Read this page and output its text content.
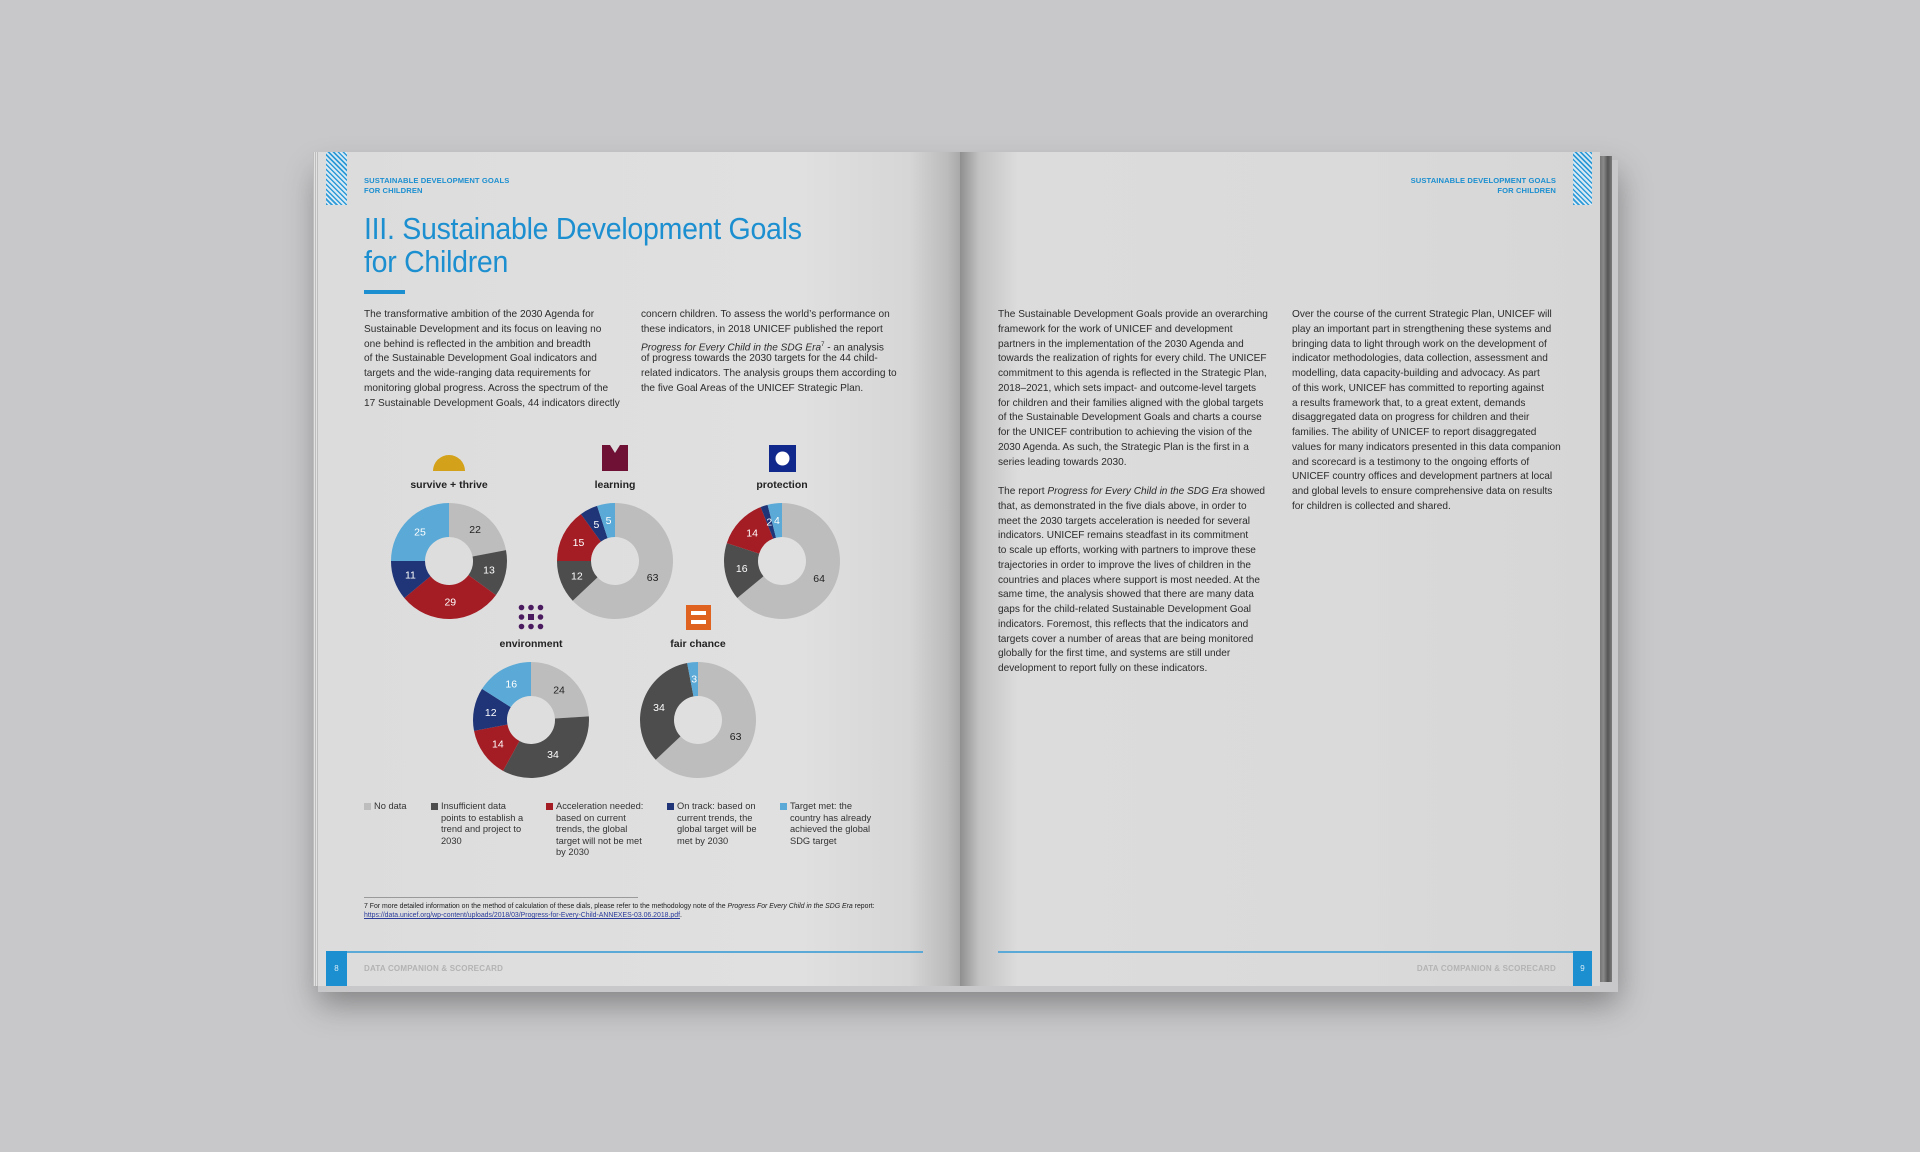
SUSTAINABLE DEVELOPMENT GOALS
FOR CHILDREN
III. Sustainable Development Goals
for Children
The transformative ambition of the 2030 Agenda for
Sustainable Development and its focus on leaving no
one behind is reflected in the ambition and breadth
of the Sustainable Development Goal indicators and
targets and the wide-ranging data requirements for
monitoring global progress. Across the spectrum of the
17 Sustainable Development Goals, 44 indicators directly
concern children. To assess the world’s performance on
these indicators, in 2018 UNICEF published the report
Progress for Every Child in the SDG Era$^7$ - an analysis
of progress towards the 2030 targets for the 44 child-
related indicators. The analysis groups them according to
the five Goal Areas of the UNICEF Strategic Plan.
22
13
29
11
25
survive + thrive
63
12
15
5 5
learning
64
16
14
2 4
protection
24
34
14
12
16
environment
63
34
3
fair chance
No data	Insufficient data
points to establish a
trend and project to
2030
Acceleration needed:
based on current
trends, the global
target will not be met
by 2030
On track: based on
current trends, the
global target will be
met by 2030
Target met: the
country has already
achieved the global
SDG target
7 For more detailed information on the method of calculation of these dials, please refer to the methodology note of the Progress For Every Child in the SDG Era report:
https://data.unicef.org/wp-content/uploads/2018/03/Progress-for-Every-Child-ANNEXES-03.06.2018.pdf.
8	DATA COMPANION & SCORECARD
SUSTAINABLE DEVELOPMENT GOALS
FOR CHILDREN
The Sustainable Development Goals provide an overarching
framework for the work of UNICEF and development
partners in the implementation of the 2030 Agenda and
towards the realization of rights for every child. The UNICEF
commitment to this agenda is reflected in the Strategic Plan,
2018–2021, which sets impact- and outcome-level targets
for children and their families aligned with the global targets
of the Sustainable Development Goals and charts a course
for the UNICEF contribution to achieving the vision of the
2030 Agenda. As such, the Strategic Plan is the first in a
series leading towards 2030.
The report Progress for Every Child in the SDG Era showed
that, as demonstrated in the five dials above, in order to
meet the 2030 targets acceleration is needed for several
indicators. UNICEF remains steadfast in its commitment
to scale up efforts, working with partners to improve these
trajectories in order to improve the lives of children in the
countries and places where support is most needed. At the
same time, the analysis showed that there are many data
gaps for the child-related Sustainable Development Goal
indicators. Foremost, this reflects that the indicators and
targets cover a number of areas that are being monitored
globally for the first time, and systems are still under
development to report fully on these indicators.
Over the course of the current Strategic Plan, UNICEF will
play an important part in strengthening these systems and
bringing data to light through work on the development of
indicator methodologies, data collection, assessment and
modelling, data capacity-building and advocacy. As part
of this work, UNICEF has committed to reporting against
a results framework that, to a great extent, demands
disaggregated data on progress for children and their
families. The ability of UNICEF to report disaggregated
values for many indicators presented in this data companion
and scorecard is a testimony to the ongoing efforts of
UNICEF country offices and development partners at local
and global levels to ensure comprehensive data on results
for children is collected and shared.
9
DATA COMPANION & SCORECARD
